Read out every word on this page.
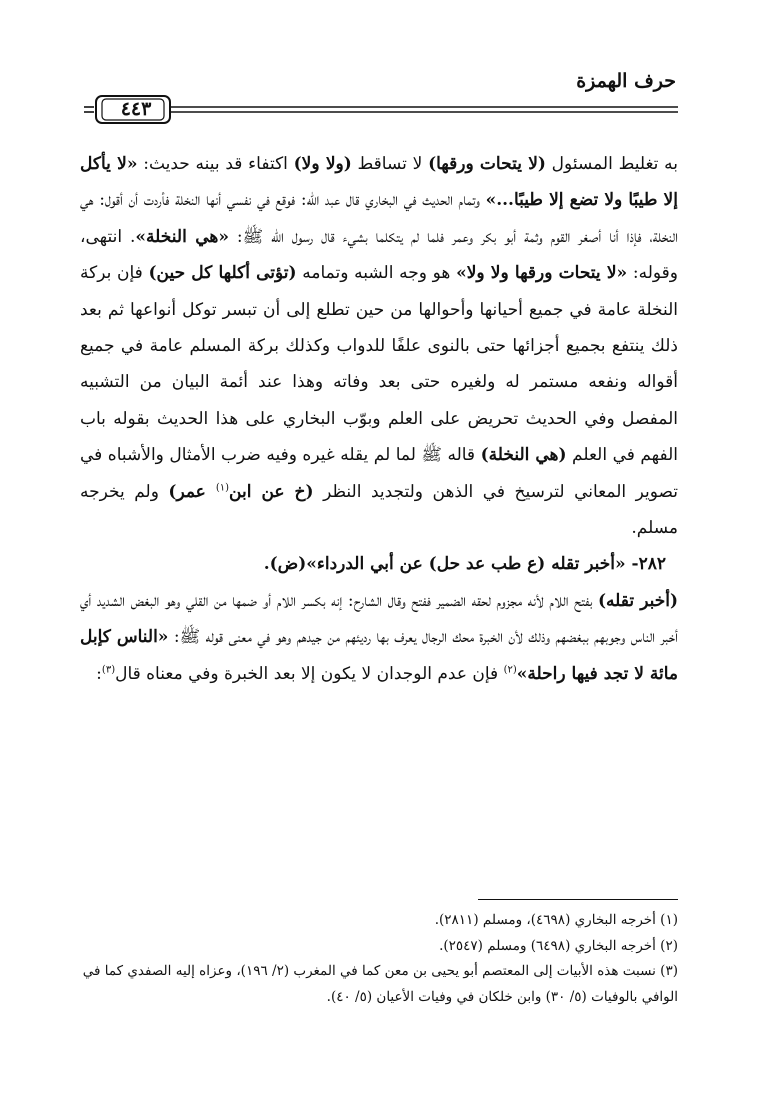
حرف الهمزة
٤٤٣

به تغليط المسئول (لا يتحات ورقها) لا تساقط (ولا ولا) اكتفاء قد بينه حديث: «لا يأكل إلا طيبًا ولا تضع إلا طيبًا...» وتمام الحديث في البخاري قال عبد الله: فوقع في نفسي أنها النخلة فأردت أن أقول: هي النخلة، فإذا أنا أصغر القوم وثمة أبو بكر وعمر فلما لم يتكلما بشيء قال رسول الله ﷺ: «هي النخلة». انتهى، وقوله: «لا يتحات ورقها ولا ولا» هو وجه الشبه وتمامه (تؤتى أكلها كل حين) فإن بركة النخلة عامة في جميع أحيانها وأحوالها من حين تطلع إلى أن تبسر توكل أنواعها ثم بعد ذلك ينتفع بجميع أجزائها حتى بالنوى علفًا للدواب وكذلك بركة المسلم عامة في جميع أقواله ونفعه مستمر له ولغيره حتى بعد وفاته وهذا عند أئمة البيان من التشبيه المفصل وفي الحديث تحريض على العلم وبوّب البخاري على هذا الحديث بقوله باب الفهم في العلم (هي النخلة) قاله ﷺ لما لم يقله غيره وفيه ضرب الأمثال والأشباه في تصوير المعاني لترسيخ في الذهن ولتجديد النظر (خ عن ابن$^{(١)}$ عمر) ولم يخرجه مسلم.

٢٨٢- «أخبر تقله (ع طب عد حل) عن أبي الدرداء»(ض).

(أخبر تقله) بفتح اللام لأنه مجزوم لحقه الضمير ففتح وقال الشارح: إنه بكسر اللام أو ضمها من القلي وهو البغض الشديد أي أخبر الناس وجوبهم ببغضهم وذلك لأن الخبرة محك الرجال يعرف بها رديئهم من جيدهم وهو في معنى قوله ﷺ: «الناس كإبل مائة لا تجد فيها راحلة»$^{(٢)}$ فإن عدم الوجدان لا يكون إلا بعد الخبرة وفي معناه قال$^{(٣)}$:

(١) أخرجه البخاري (٤٦٩٨)، ومسلم (٢٨١١).

(٢) أخرجه البخاري (٦٤٩٨) ومسلم (٢٥٤٧).

(٣) نسبت هذه الأبيات إلى المعتصم أبو يحيى بن معن كما في المغرب (٢/ ١٩٦)، وعزاه إليه الصفدي كما في الوافي بالوفيات (٥/ ٣٠) وابن خلكان في وفيات الأعيان (٥/ ٤٠).
